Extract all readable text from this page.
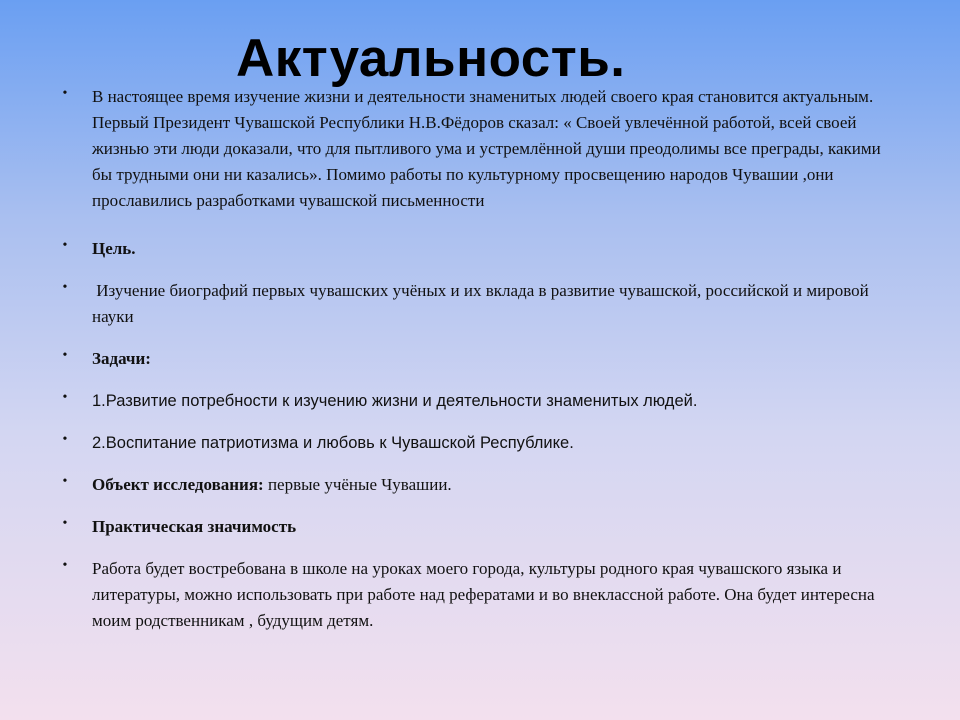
Актуальность.
• В настоящее время изучение жизни и деятельности знаменитых людей своего края становится актуальным. Первый Президент Чувашской Республики Н.В.Фёдоров сказал: « Своей увлечённой работой, всей своей жизнью эти люди доказали, что для пытливого ума и устремлённой души преодолимы все преграды, какими бы трудными они ни казались». Помимо работы по культурному просвещению народов Чувашии ,они прославились разработками чувашской письменности
• Цель.
• Изучение биографий первых чувашских учёных и их вклада в развитие чувашской, российской и мировой науки
• Задачи:
• 1.Развитие потребности к изучению жизни и деятельности знаменитых людей.
• 2.Воспитание патриотизма и любовь к Чувашской Республике.
• Объект исследования: первые учёные Чувашии.
• Практическая значимость
• Работа будет востребована в школе на уроках моего города, культуры родного края чувашского языка и литературы, можно использовать при работе над рефератами и во внеклассной работе. Она будет интересна моим родственникам , будущим детям.
